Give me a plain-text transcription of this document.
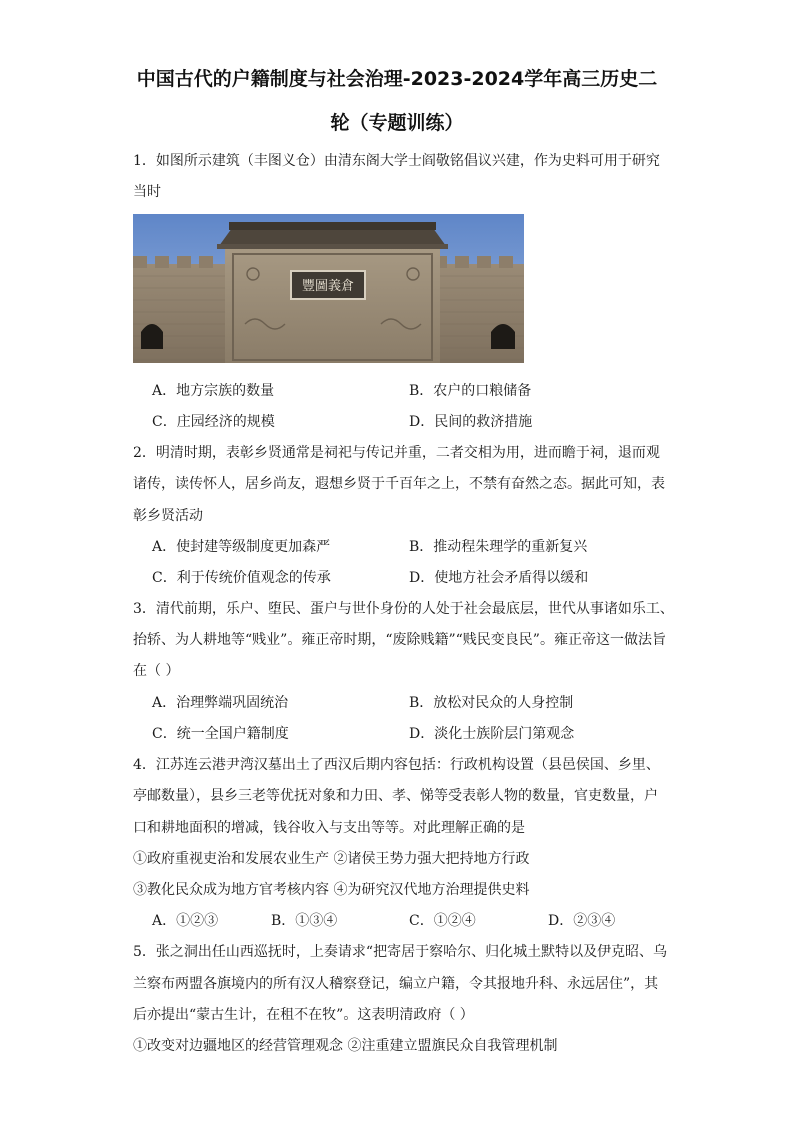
中国古代的户籍制度与社会治理-2023-2024学年高三历史二
轮（专题训练）
1．如图所示建筑（丰图义仓）由清东阁大学士阎敬铭倡议兴建，作为史料可用于研究
当时
豐圖義倉
A．地方宗族的数量	B．农户的口粮储备
C．庄园经济的规模	D．民间的救济措施
2．明清时期，表彰乡贤通常是祠祀与传记并重，二者交相为用，进而瞻于祠，退而观
诸传，读传怀人，居乡尚友，遐想乡贤于千百年之上，不禁有奋然之态。据此可知，表
彰乡贤活动
A．使封建等级制度更加森严	B．推动程朱理学的重新复兴
C．利于传统价值观念的传承	D．使地方社会矛盾得以缓和
3．清代前期，乐户、堕民、蛋户与世仆身份的人处于社会最底层，世代从事诸如乐工、
抬轿、为人耕地等“贱业”。雍正帝时期，“废除贱籍”“贱民变良民”。雍正帝这一做法旨
在（ ）
A．治理弊端巩固统治	B．放松对民众的人身控制
C．统一全国户籍制度	D．淡化士族阶层门第观念
4．江苏连云港尹湾汉墓出土了西汉后期内容包括：行政机构设置（县邑侯国、乡里、
亭邮数量），县乡三老等优抚对象和力田、孝、悌等受表彰人物的数量，官吏数量，户
口和耕地面积的增减，钱谷收入与支出等等。对此理解正确的是
①政府重视吏治和发展农业生产 ②诸侯王势力强大把持地方行政
③教化民众成为地方官考核内容 ④为研究汉代地方治理提供史料
A．①②③	B．①③④	C．①②④	D．②③④
5．张之洞出任山西巡抚时，上奏请求“把寄居于察哈尔、归化城土默特以及伊克昭、乌
兰察布两盟各旗境内的所有汉人稽察登记，编立户籍，令其报地升科、永远居住”，其
后亦提出“蒙古生计，在租不在牧”。这表明清政府（ ）
①改变对边疆地区的经营管理观念 ②注重建立盟旗民众自我管理机制
